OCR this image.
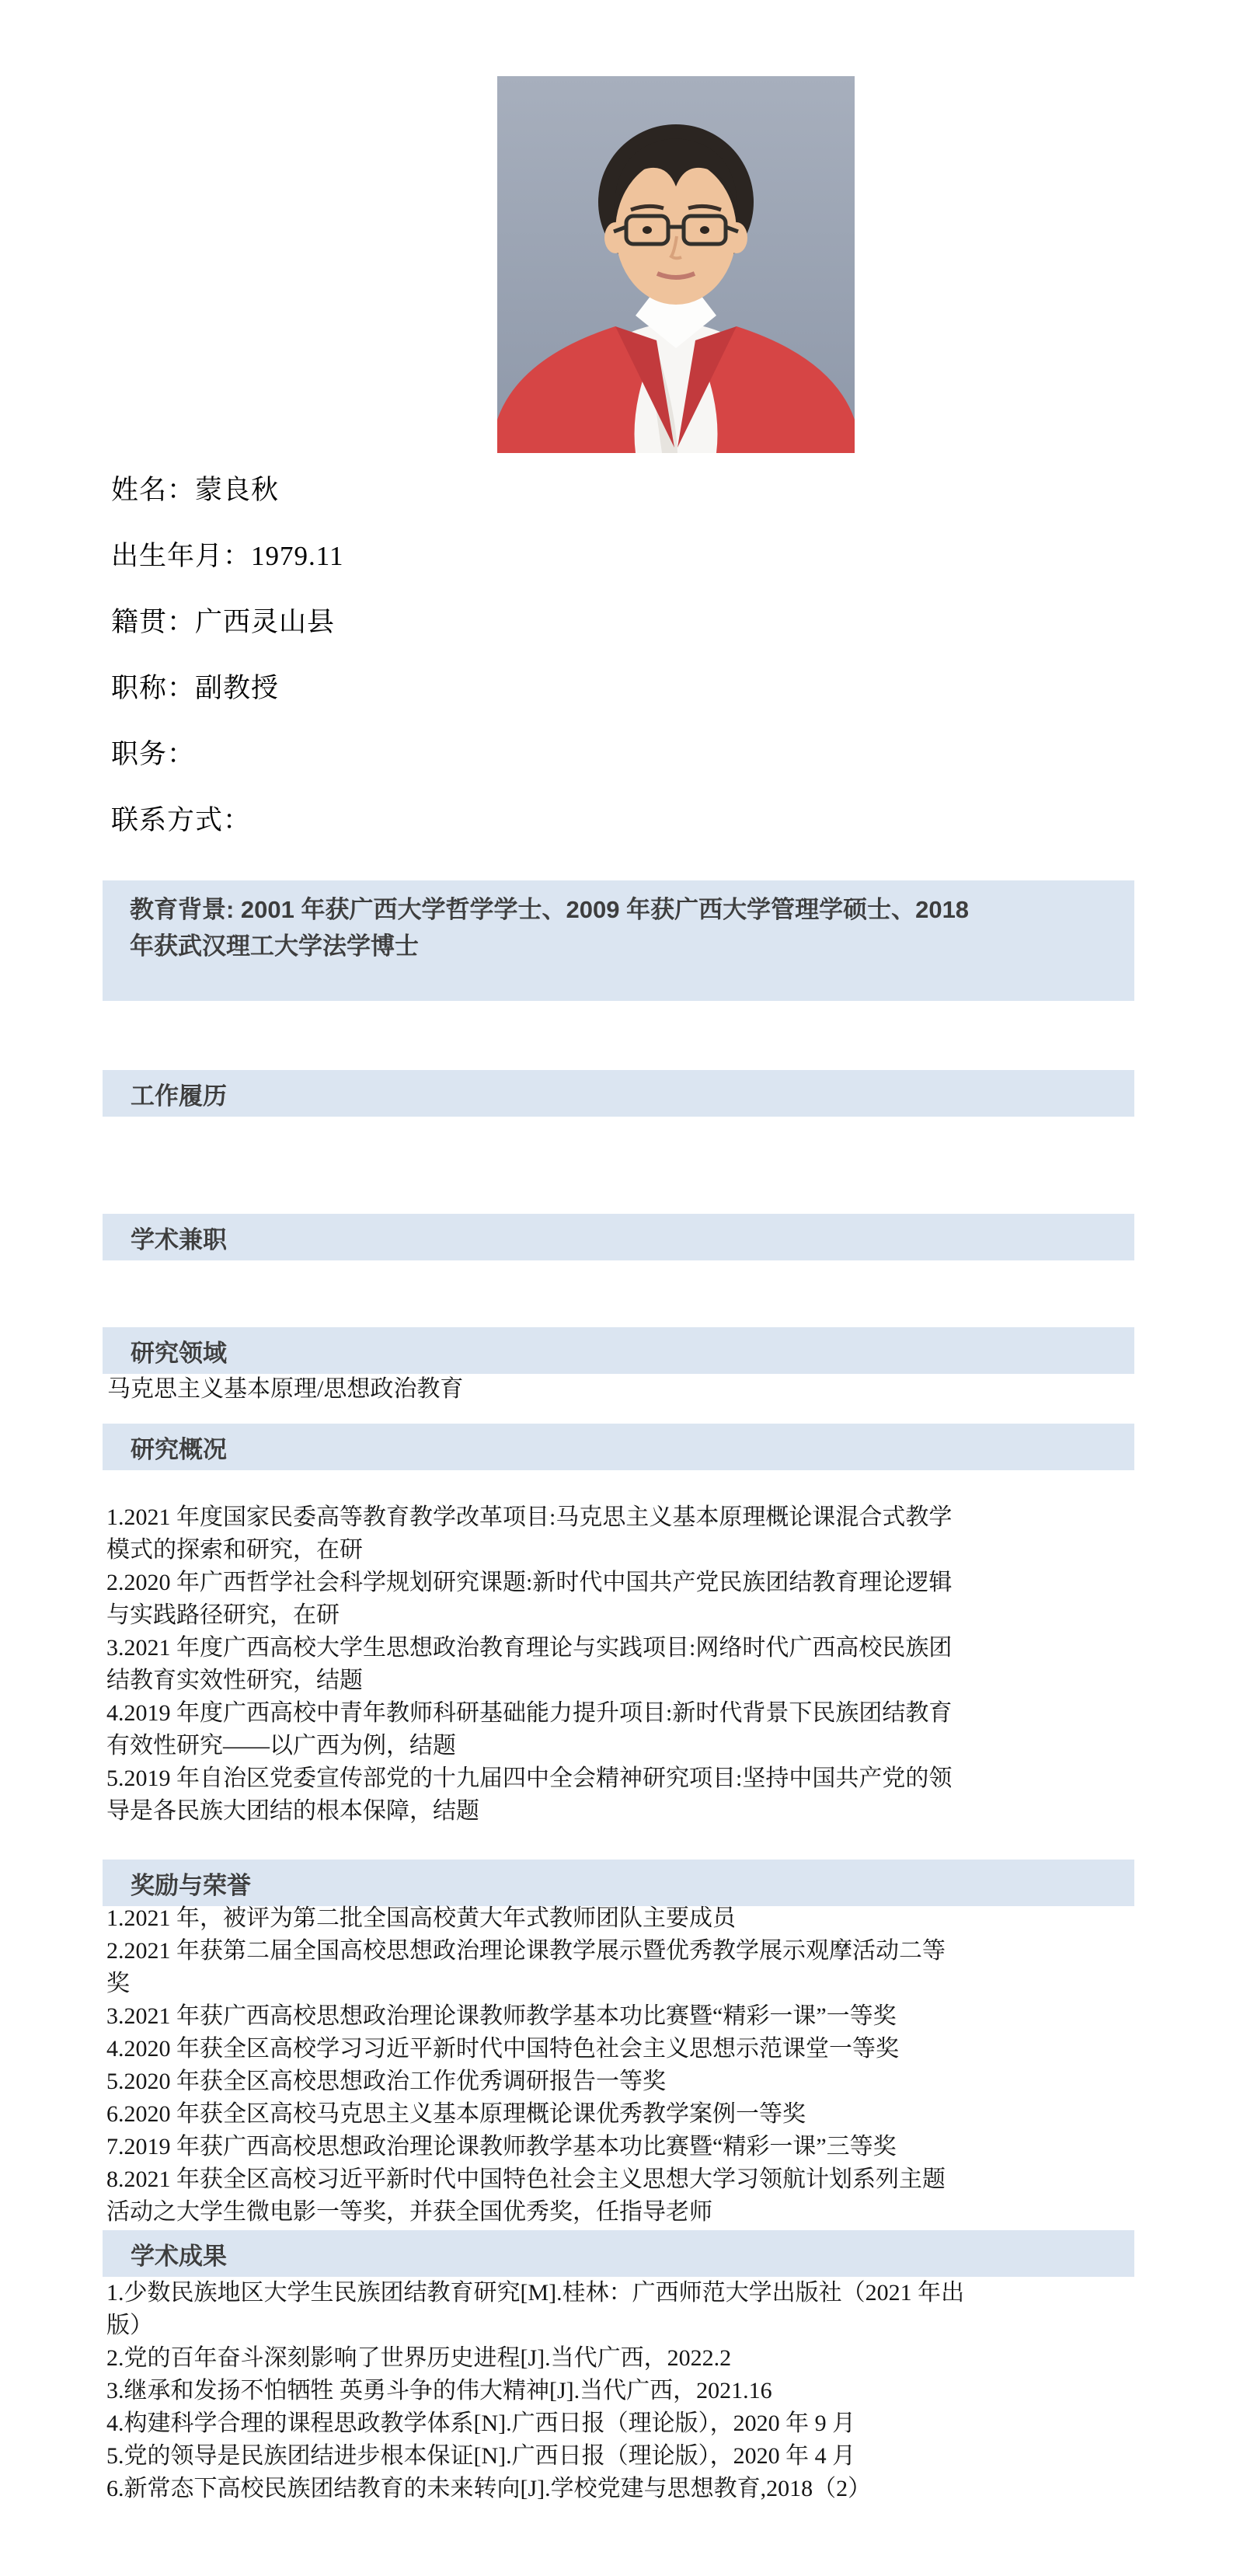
姓名：蒙良秋
出生年月：1979.11
籍贯：广西灵山县
职称：副教授
职务：
联系方式：
教育背景: 2001 年获广西大学哲学学士、2009 年获广西大学管理学硕士、2018 年获武汉理工大学法学博士
工作履历
学术兼职
研究领域
马克思主义基本原理/思想政治教育
研究概况

1.2021 年度国家民委高等教育教学改革项目:马克思主义基本原理概论课混合式教学模式的探索和研究，在研

2.2020 年广西哲学社会科学规划研究课题:新时代中国共产党民族团结教育理论逻辑与实践路径研究，在研

3.2021 年度广西高校大学生思想政治教育理论与实践项目:网络时代广西高校民族团结教育实效性研究，结题

4.2019 年度广西高校中青年教师科研基础能力提升项目:新时代背景下民族团结教育有效性研究——以广西为例，结题

5.2019 年自治区党委宣传部党的十九届四中全会精神研究项目:坚持中国共产党的领导是各民族大团结的根本保障，结题

奖励与荣誉

1.2021 年，被评为第二批全国高校黄大年式教师团队主要成员

2.2021 年获第二届全国高校思想政治理论课教学展示暨优秀教学展示观摩活动二等奖

3.2021 年获广西高校思想政治理论课教师教学基本功比赛暨“精彩一课”一等奖

4.2020 年获全区高校学习习近平新时代中国特色社会主义思想示范课堂一等奖

5.2020 年获全区高校思想政治工作优秀调研报告一等奖

6.2020 年获全区高校马克思主义基本原理概论课优秀教学案例一等奖

7.2019 年获广西高校思想政治理论课教师教学基本功比赛暨“精彩一课”三等奖

8.2021 年获全区高校习近平新时代中国特色社会主义思想大学习领航计划系列主题活动之大学生微电影一等奖，并获全国优秀奖，任指导老师

学术成果

1.少数民族地区大学生民族团结教育研究[M].桂林：广西师范大学出版社（2021 年出版）

2.党的百年奋斗深刻影响了世界历史进程[J].当代广西，2022.2

3.继承和发扬不怕牺牲 英勇斗争的伟大精神[J].当代广西，2021.16

4.构建科学合理的课程思政教学体系[N].广西日报（理论版），2020 年 9 月

5.党的领导是民族团结进步根本保证[N].广西日报（理论版），2020 年 4 月

6.新常态下高校民族团结教育的未来转向[J].学校党建与思想教育,2018（2）
